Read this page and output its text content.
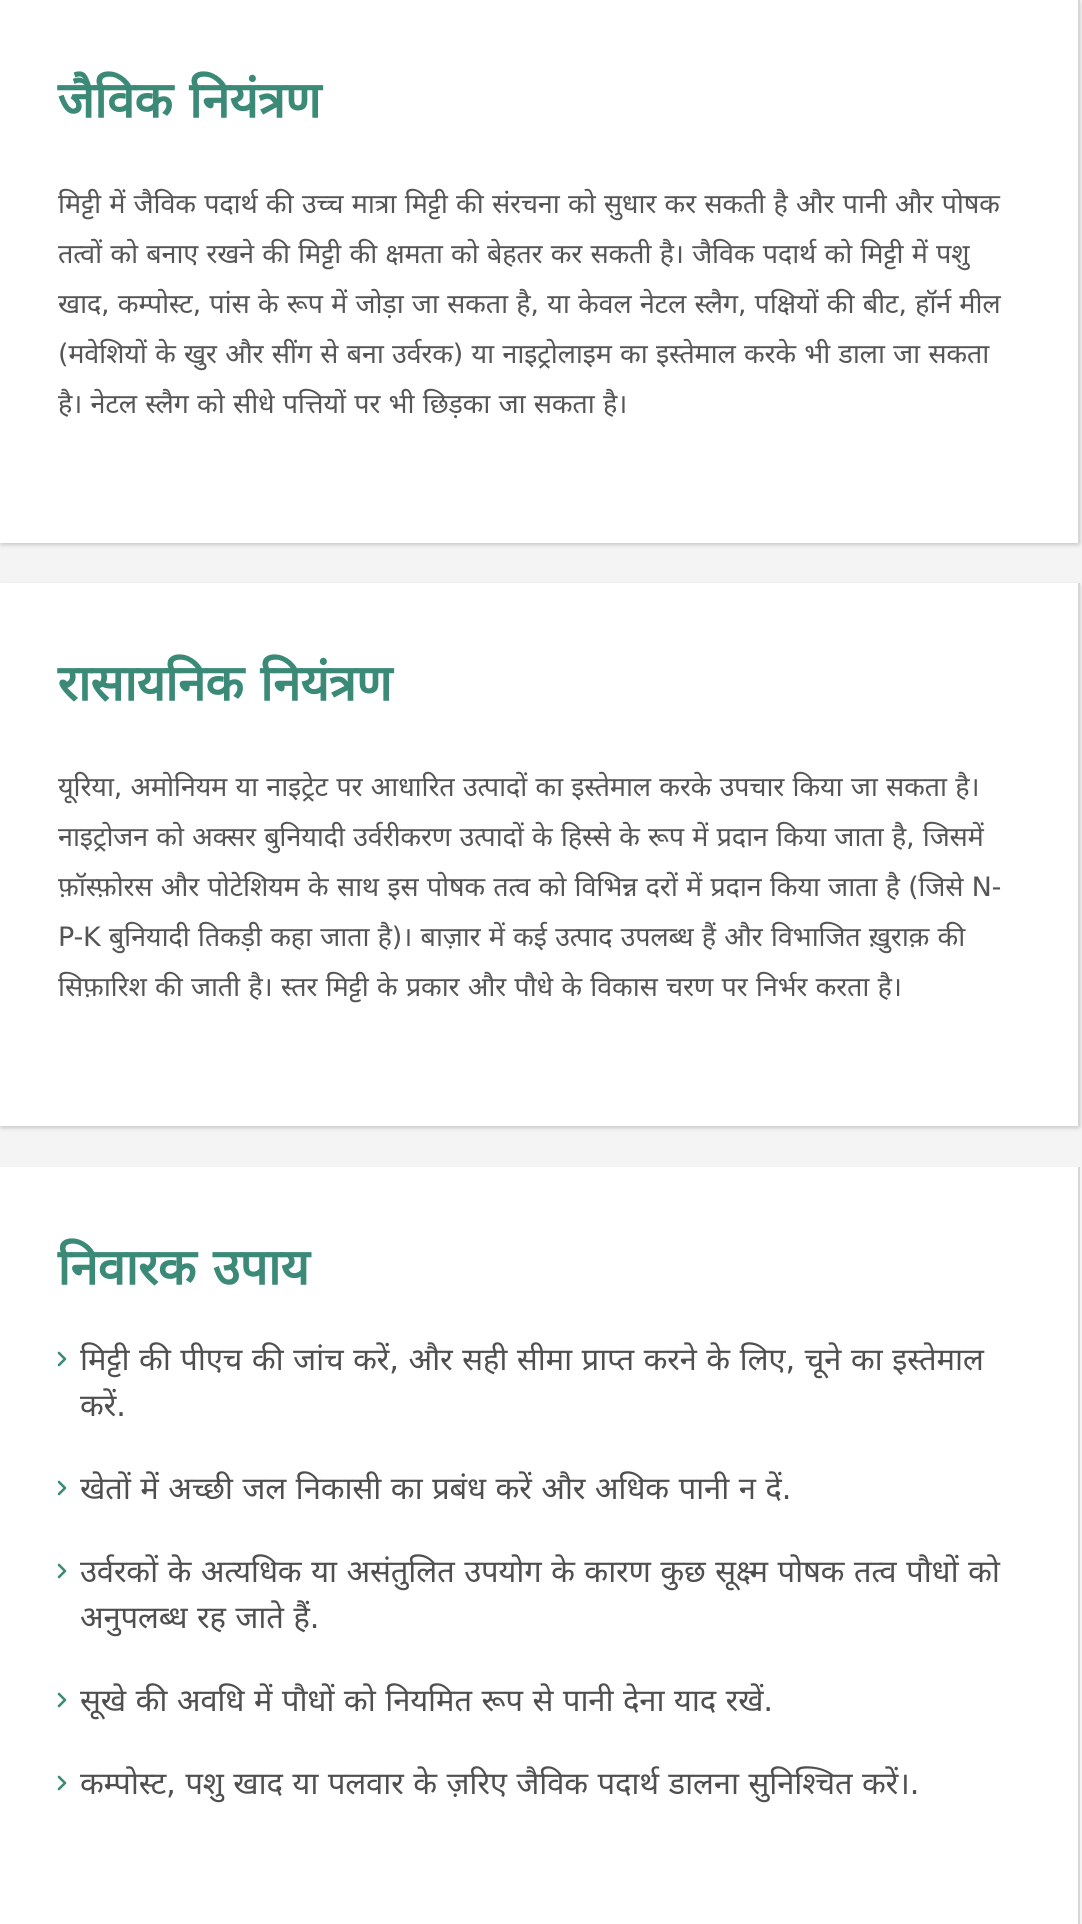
जैविक नियंत्रण

मिट्टी में जैविक पदार्थ की उच्च मात्रा मिट्टी की संरचना को सुधार कर सकती है और पानी और पोषक तत्वों को बनाए रखने की मिट्टी की क्षमता को बेहतर कर सकती है। जैविक पदार्थ को मिट्टी में पशु खाद, कम्पोस्ट, पांस के रूप में जोड़ा जा सकता है, या केवल नेटल स्लैग, पक्षियों की बीट, हॉर्न मील (मवेशियों के खुर और सींग से बना उर्वरक) या नाइट्रोलाइम का इस्तेमाल करके भी डाला जा सकता है। नेटल स्लैग को सीधे पत्तियों पर भी छिड़का जा सकता है।

रासायनिक नियंत्रण

यूरिया, अमोनियम या नाइट्रेट पर आधारित उत्पादों का इस्तेमाल करके उपचार किया जा सकता है। नाइट्रोजन को अक्सर बुनियादी उर्वरीकरण उत्पादों के हिस्से के रूप में प्रदान किया जाता है, जिसमें फ़ॉस्फ़ोरस और पोटेशियम के साथ इस पोषक तत्व को विभिन्न दरों में प्रदान किया जाता है (जिसे N-P-K बुनियादी तिकड़ी कहा जाता है)। बाज़ार में कई उत्पाद उपलब्ध हैं और विभाजित ख़ुराक़ की सिफ़ारिश की जाती है। स्तर मिट्टी के प्रकार और पौधे के विकास चरण पर निर्भर करता है।

निवारक उपाय
मिट्टी की पीएच की जांच करें, और सही सीमा प्राप्त करने के लिए, चूने का इस्तेमाल करें.
खेतों में अच्छी जल निकासी का प्रबंध करें और अधिक पानी न दें.
उर्वरकों के अत्यधिक या असंतुलित उपयोग के कारण कुछ सूक्ष्म पोषक तत्व पौधों को अनुपलब्ध रह जाते हैं.
सूखे की अवधि में पौधों को नियमित रूप से पानी देना याद रखें.
कम्पोस्ट, पशु खाद या पलवार के ज़रिए जैविक पदार्थ डालना सुनिश्चित करें।.
